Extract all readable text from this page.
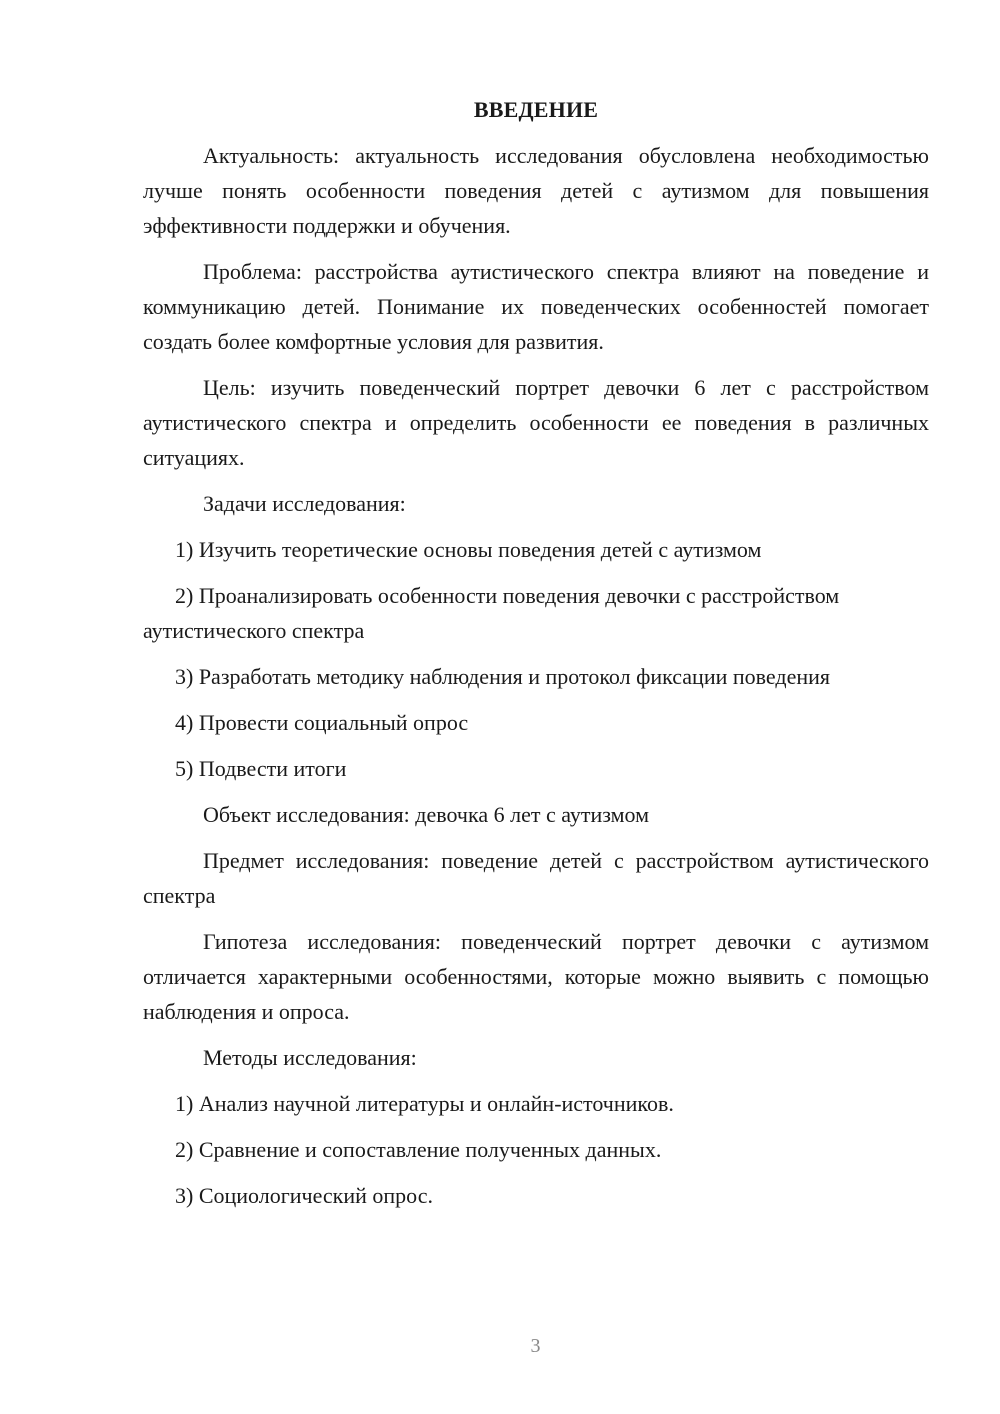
ВВЕДЕНИЕ
Актуальность: актуальность исследования обусловлена необходимостью лучше понять особенности поведения детей с аутизмом для повышения эффективности поддержки и обучения.
Проблема: расстройства аутистического спектра влияют на поведение и коммуникацию детей. Понимание их поведенческих особенностей помогает создать более комфортные условия для развития.
Цель: изучить поведенческий портрет девочки 6 лет с расстройством аутистического спектра и определить особенности ее поведения в различных ситуациях.
Задачи исследования:
1) Изучить теоретические основы поведения детей с аутизмом
2) Проанализировать особенности поведения девочки с расстройством аутистического спектра
3) Разработать методику наблюдения и протокол фиксации поведения
4) Провести социальный опрос
5) Подвести итоги
Объект исследования: девочка 6 лет с аутизмом
Предмет исследования: поведение детей с расстройством аутистического спектра
Гипотеза исследования: поведенческий портрет девочки с аутизмом отличается характерными особенностями, которые можно выявить с помощью наблюдения и опроса.
Методы исследования:
1) Анализ научной литературы и онлайн-источников.
2) Сравнение и сопоставление полученных данных.
3) Социологический опрос.
3
